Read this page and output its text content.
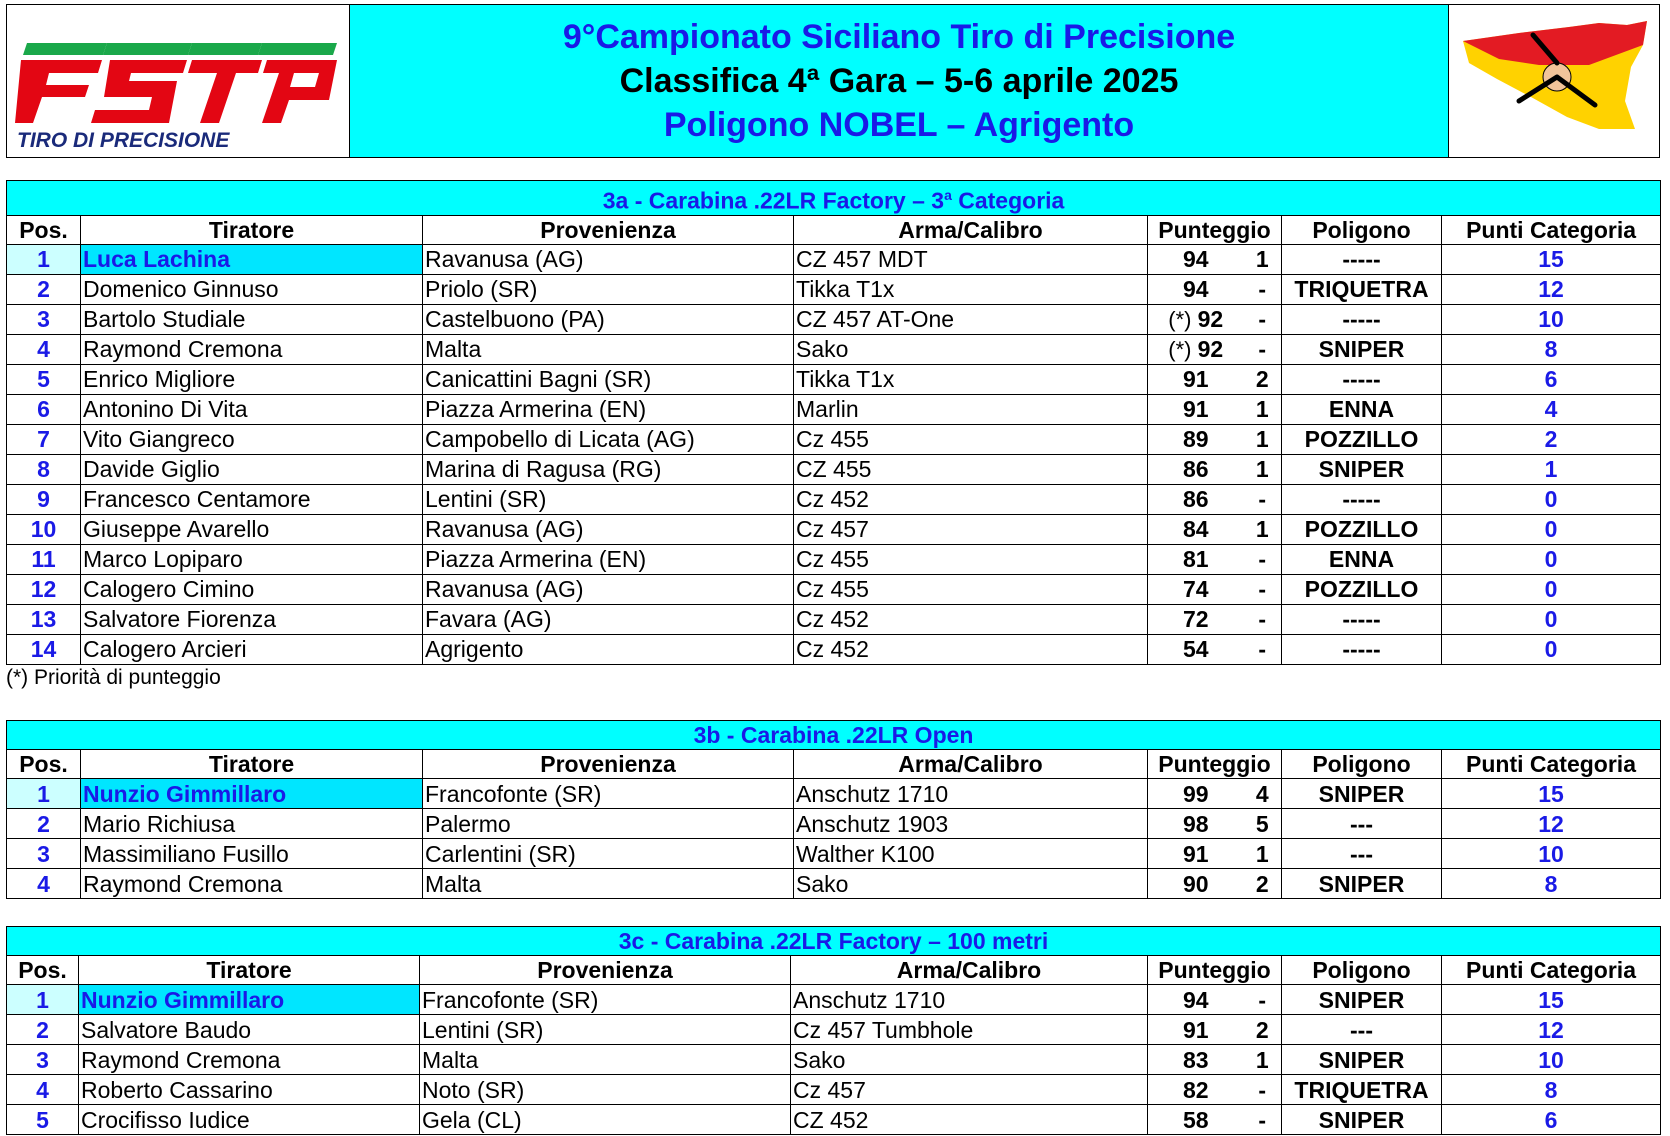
TIRO DI PRECISIONE
9°Campionato Siciliano Tiro di Precisione
Classifica 4ª Gara – 5-6 aprile 2025
Poligono NOBEL – Agrigento
3a - Carabina .22LR Factory – 3$^a$ Categoria							
Pos.	Tiratore	Provenienza	Arma/Calibro	Punteggio		Poligono	Punti Categoria
1	Luca Lachina	Ravanusa (AG)	CZ 457 MDT	94	1	-----	15
2	Domenico Ginnuso	Priolo (SR)	Tikka T1x	94	-	TRIQUETRA	12
3	Bartolo Studiale	Castelbuono (PA)	CZ 457 AT-One	(*) 92	-	-----	10
4	Raymond Cremona	Malta	Sako	(*) 92	-	SNIPER	8
5	Enrico Migliore	Canicattini Bagni (SR)	Tikka T1x	91	2	-----	6
6	Antonino Di Vita	Piazza Armerina (EN)	Marlin	91	1	ENNA	4
7	Vito Giangreco	Campobello di Licata (AG)	Cz 455	89	1	POZZILLO	2
8	Davide Giglio	Marina di Ragusa (RG)	CZ 455	86	1	SNIPER	1
9	Francesco Centamore	Lentini (SR)	Cz 452	86	-	-----	0
10	Giuseppe Avarello	Ravanusa (AG)	Cz 457	84	1	POZZILLO	0
11	Marco Lopiparo	Piazza Armerina (EN)	Cz 455	81	-	ENNA	0
12	Calogero Cimino	Ravanusa (AG)	Cz 455	74	-	POZZILLO	0
13	Salvatore Fiorenza	Favara (AG)	Cz 452	72	-	-----	0
14	Calogero Arcieri	Agrigento	Cz 452	54	-	-----	0
(*) Priorità di punteggio
3b - Carabina .22LR Open							
Pos.	Tiratore	Provenienza	Arma/Calibro	Punteggio		Poligono	Punti Categoria
1	Nunzio Gimmillaro	Francofonte (SR)	Anschutz 1710	99	4	SNIPER	15
2	Mario Richiusa	Palermo	Anschutz 1903	98	5	---	12
3	Massimiliano Fusillo	Carlentini (SR)	Walther K100	91	1	---	10
4	Raymond Cremona	Malta	Sako	90	2	SNIPER	8
3c - Carabina .22LR Factory – 100 metri							
Pos.	Tiratore	Provenienza	Arma/Calibro	Punteggio		Poligono	Punti Categoria
1	Nunzio Gimmillaro	Francofonte (SR)	Anschutz 1710	94	-	SNIPER	15
2	Salvatore Baudo	Lentini (SR)	Cz 457 Tumbhole	91	2	---	12
3	Raymond Cremona	Malta	Sako	83	1	SNIPER	10
4	Roberto Cassarino	Noto (SR)	Cz 457	82	-	TRIQUETRA	8
5	Crocifisso Iudice	Gela (CL)	CZ 452	58	-	SNIPER	6
